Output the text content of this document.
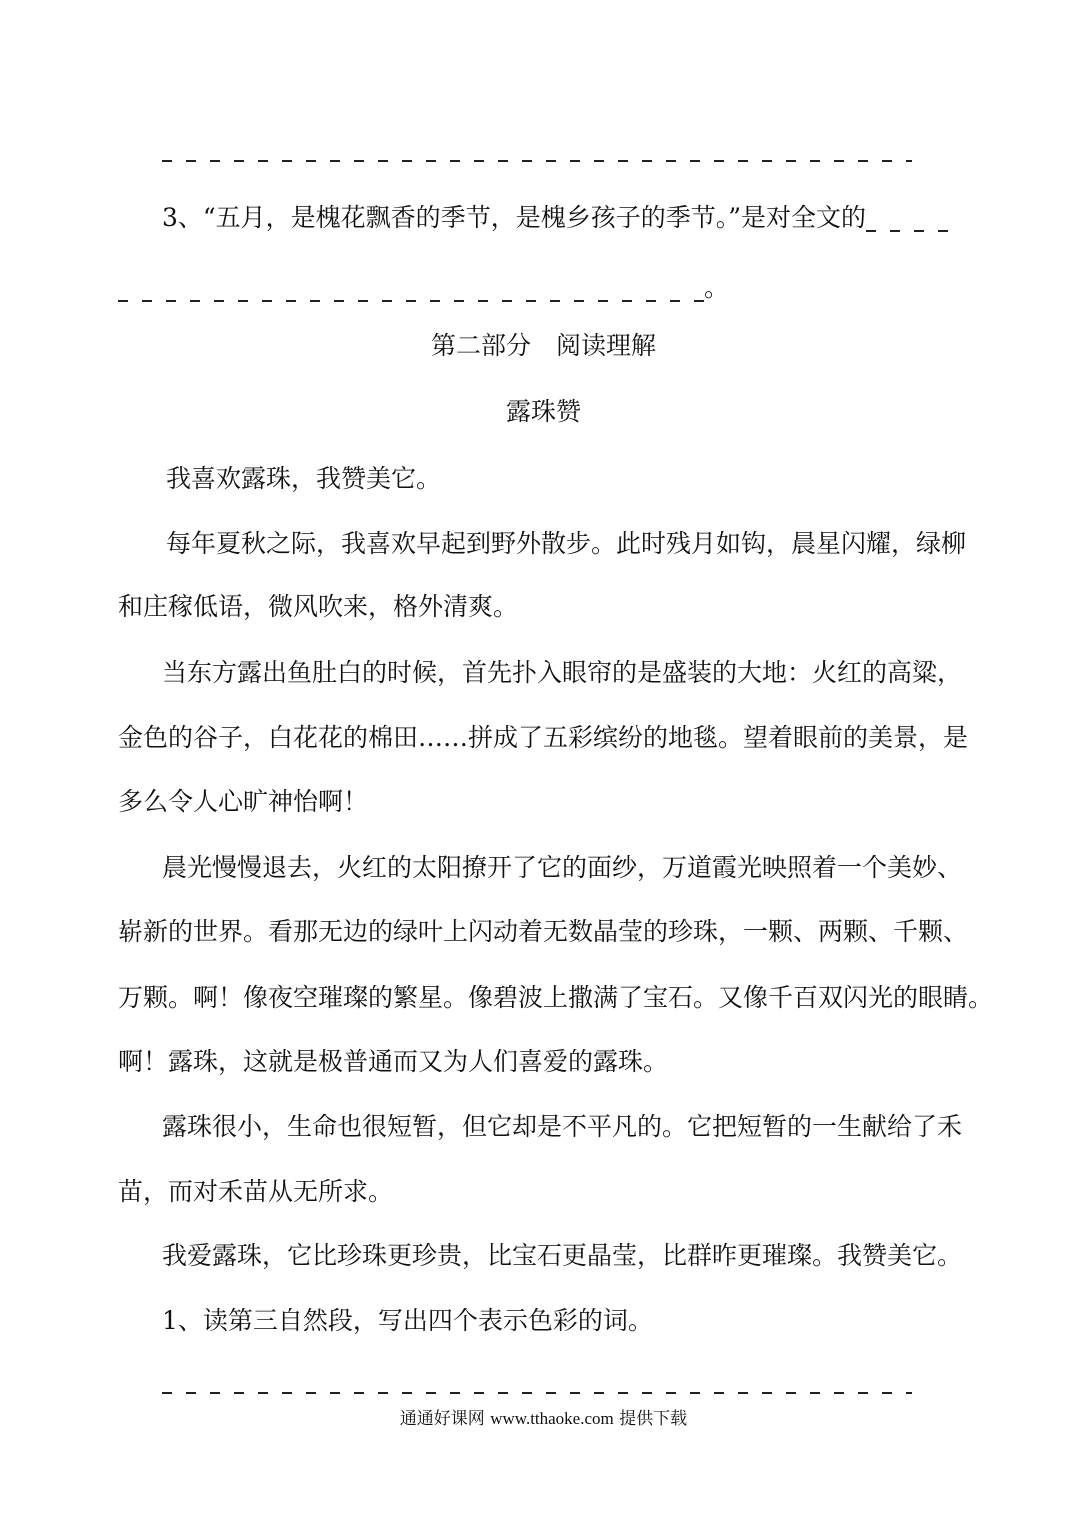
3、“五月，是槐花飘香的季节，是槐乡孩子的季节。”是对全文的
。
第二部分　阅读理解
露珠赞
我喜欢露珠，我赞美它。
每年夏秋之际，我喜欢早起到野外散步。此时残月如钩，晨星闪耀，绿柳
和庄稼低语，微风吹来，格外清爽。
当东方露出鱼肚白的时候，首先扑入眼帘的是盛装的大地：火红的高粱，
金色的谷子，白花花的棉田……拼成了五彩缤纷的地毯。望着眼前的美景，是
多么令人心旷神怡啊！
晨光慢慢退去，火红的太阳撩开了它的面纱，万道霞光映照着一个美妙、
崭新的世界。看那无边的绿叶上闪动着无数晶莹的珍珠，一颗、两颗、千颗、
万颗。啊！像夜空璀璨的繁星。像碧波上撒满了宝石。又像千百双闪光的眼睛。
啊！露珠，这就是极普通而又为人们喜爱的露珠。
露珠很小，生命也很短暂，但它却是不平凡的。它把短暂的一生献给了禾
苗，而对禾苗从无所求。
我爱露珠，它比珍珠更珍贵，比宝石更晶莹，比群昨更璀璨。我赞美它。
1、读第三自然段，写出四个表示色彩的词。
通通好课网 www.tthaoke.com 提供下载
